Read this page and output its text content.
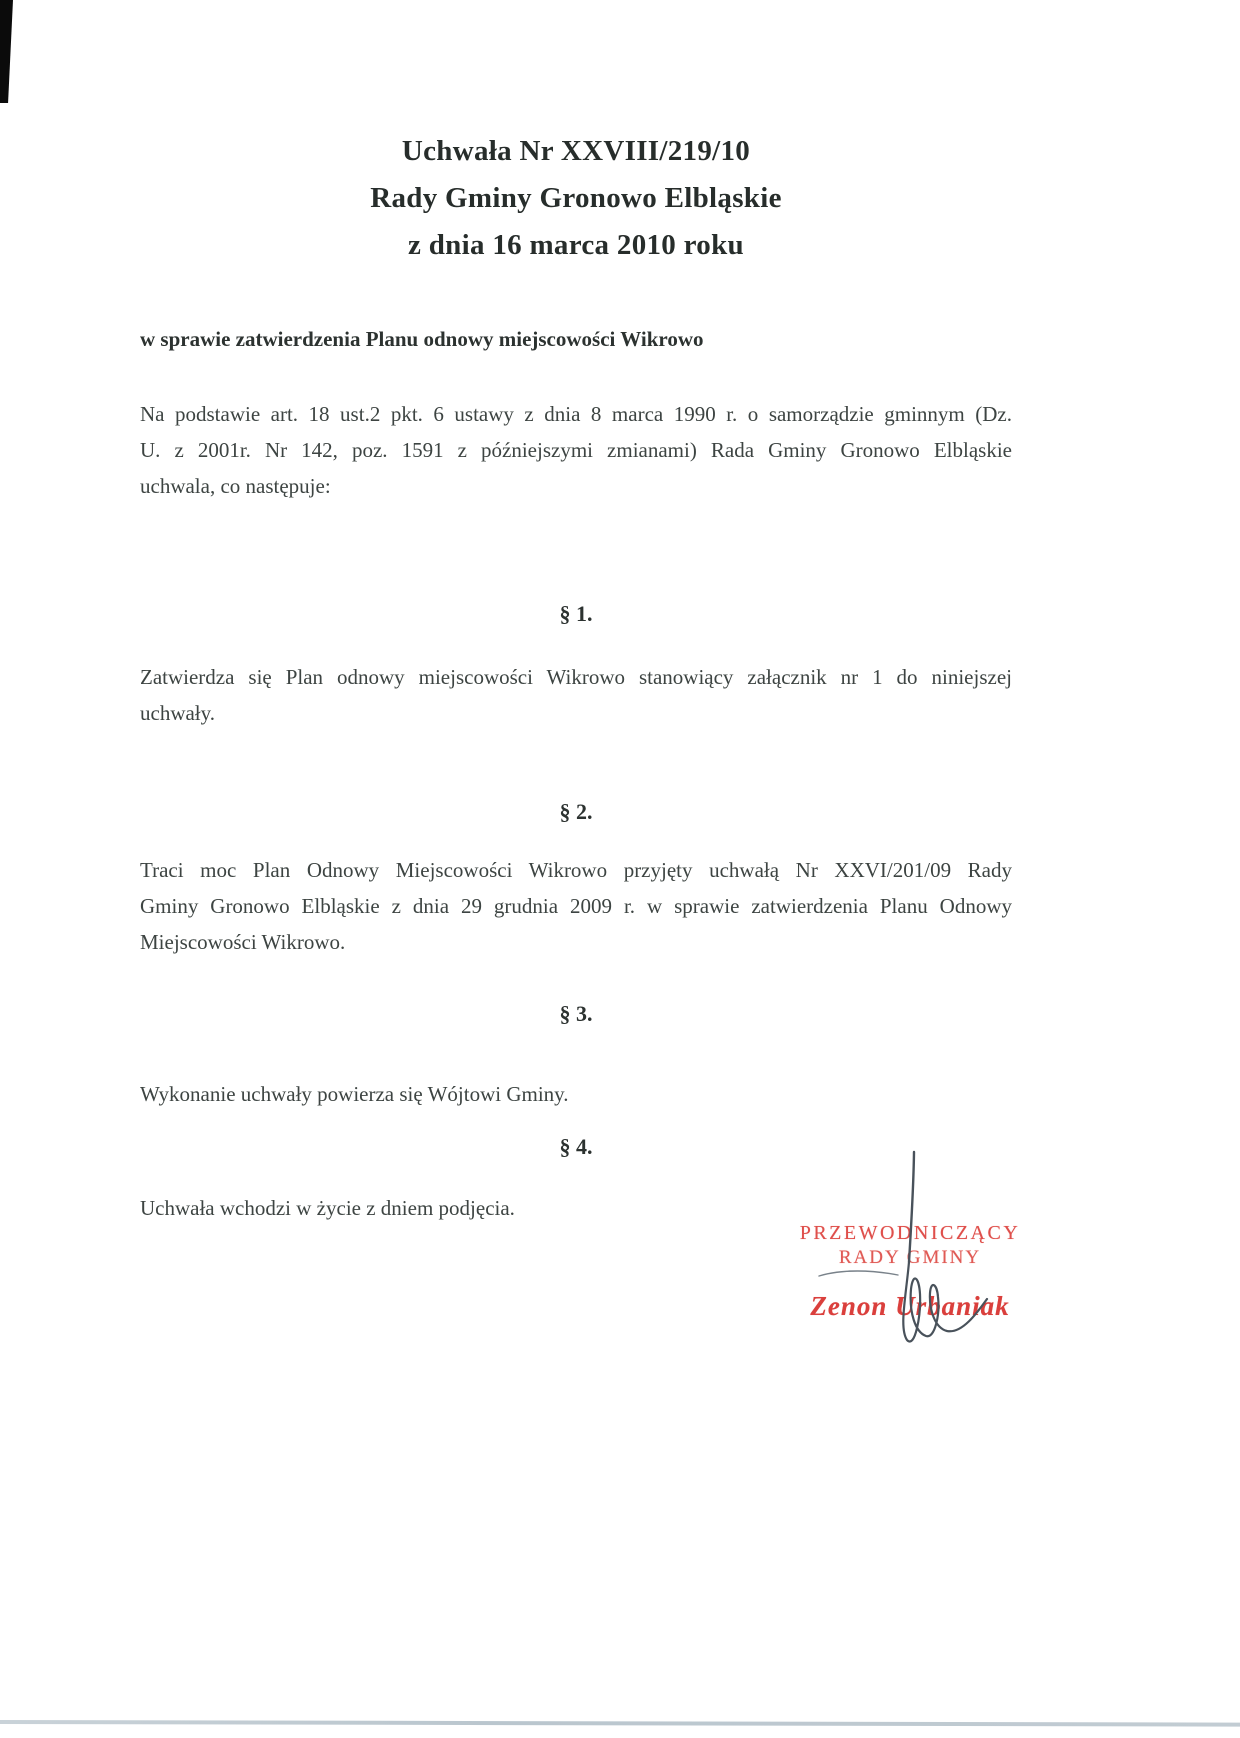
Uchwała Nr XXVIII/219/10
Rady Gminy Gronowo Elbląskie
z dnia 16 marca 2010 roku
w sprawie zatwierdzenia Planu odnowy miejscowości Wikrowo
Na podstawie art. 18 ust.2 pkt. 6 ustawy z dnia 8 marca 1990 r. o samorządzie gminnym (Dz.
U. z 2001r. Nr 142, poz. 1591 z późniejszymi zmianami) Rada Gminy Gronowo Elbląskie
uchwala, co następuje:
§ 1.
Zatwierdza się Plan odnowy miejscowości Wikrowo stanowiący załącznik nr 1 do niniejszej
uchwały.
§ 2.
Traci moc Plan Odnowy Miejscowości Wikrowo przyjęty uchwałą Nr XXVI/201/09 Rady
Gminy Gronowo Elbląskie z dnia 29 grudnia 2009 r. w sprawie zatwierdzenia Planu Odnowy
Miejscowości Wikrowo.
§ 3.
Wykonanie uchwały powierza się Wójtowi Gminy.
§ 4.
Uchwała wchodzi w życie z dniem podjęcia.
PRZEWODNICZĄCY
RADY GMINY
Zenon Urbaniak
